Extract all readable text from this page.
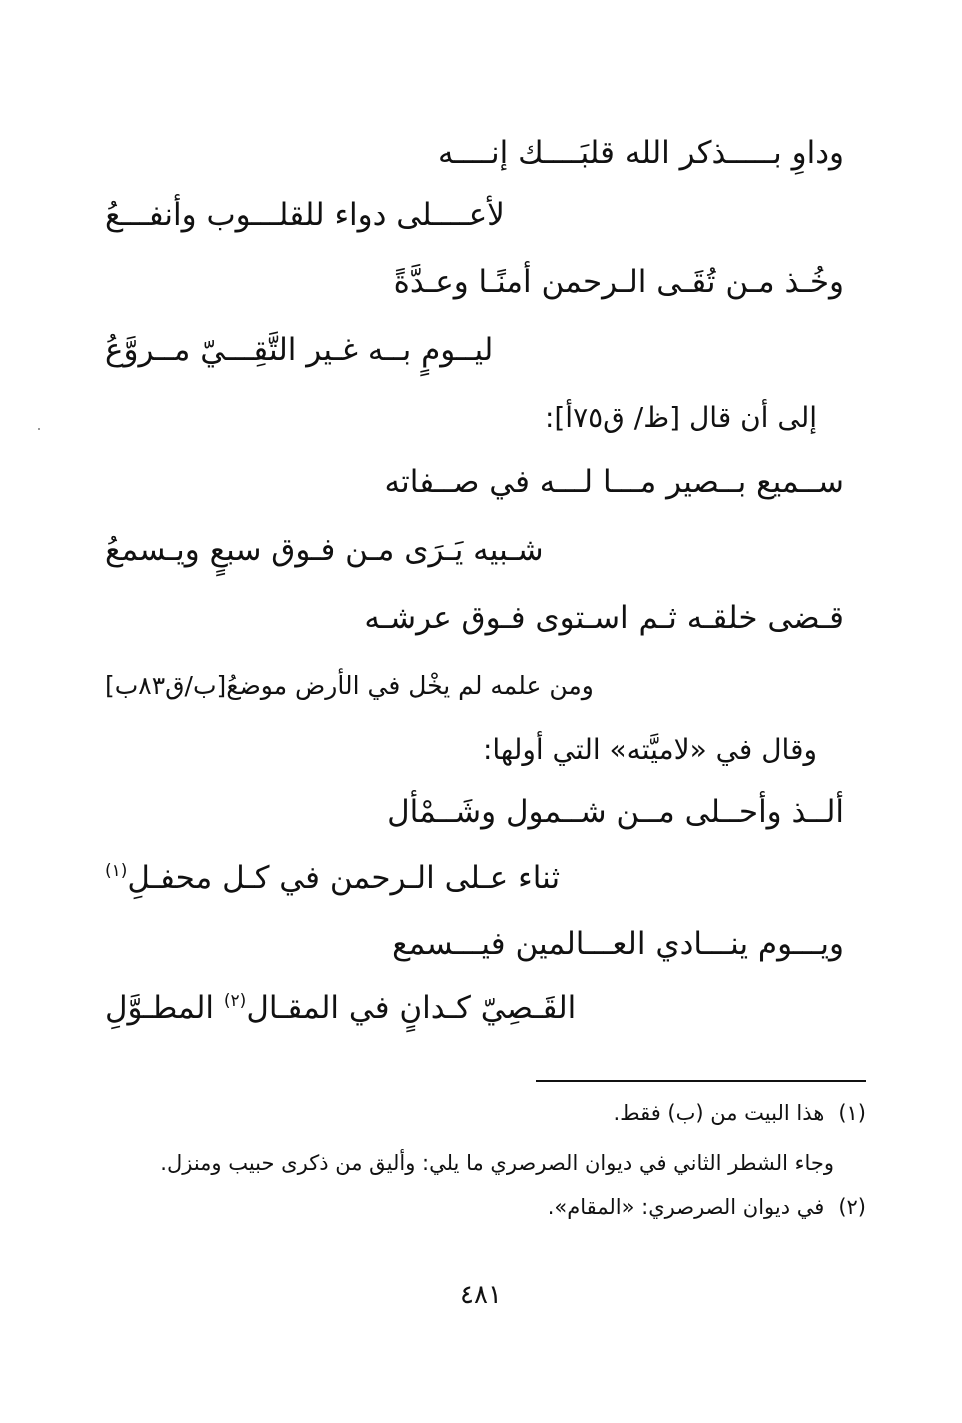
وداوِ بـــــذكر الله قلبَــــك إنــــه
لأعــــلى دواء للقلـــوب وأنفـــعُ
وخُـذ مـن تُقَـى الـرحمن أمنًـا وعـدَّةً
ليــومٍ بــه غـير التَّقِـــيّ مــروَّعُ
إلى أن قال [ظ/ ق٧٥أ]:
ســميع بــصير مـــا لـــه في صــفاته
شـبيه يَـرَى مـن فـوق سبعٍ ويـسمعُ
قـضى خلقـه ثـم اسـتوى فـوق عرشـه
ومن علمه لم يخْل في الأرض موضعُ[ب/ق٨٣ب]
وقال في «لاميَّته» التي أولها:
ألــذ وأحــلى مــن شــمول وشَــمْأل
ثناء عـلى الـرحمن في كـل محفـلِ$^{(١)}$
ويـــوم ينـــادي العـــالمين فيـــسمع
القَـصِيّ كـدانٍ في المقـال$^{(٢)}$ المطـوَّلِ
(١)هذا البيت من (ب) فقط.
وجاء الشطر الثاني في ديوان الصرصري ما يلي: وأليق من ذكرى حبيب ومنزل.
(٢)في ديوان الصرصري: «المقام».
٤٨١
